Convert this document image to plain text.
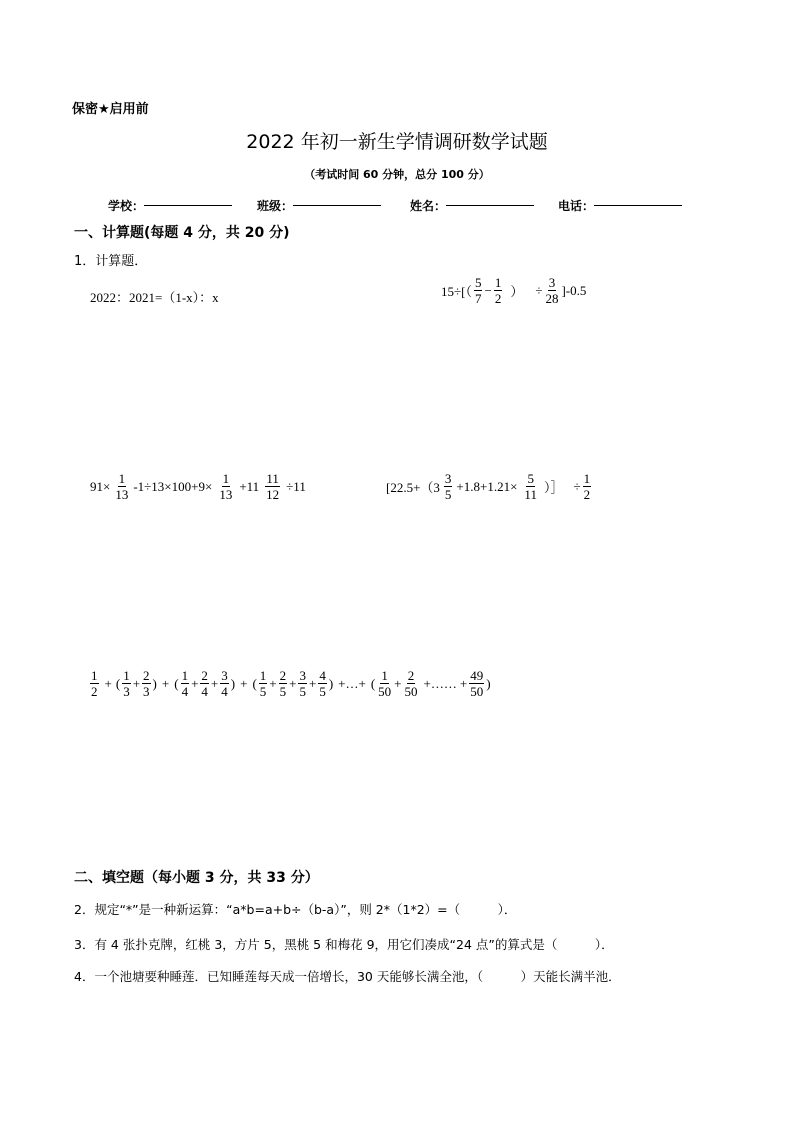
保密★启用前
2022 年初一新生学情调研数学试题
（考试时间 60 分钟，总分 100 分）
学校：	班级：	姓名：	电话：
一、计算题(每题 4 分，共 20 分)
1．计算题．
2022：2021=（1-x）：x	$15\div[( \frac{5}{7} - \frac{1}{2}$ ） ÷ $\frac{3}{28} ]-0.5$
$91\times \frac{1}{13} -1\div 13\times 100+9\times \frac{1}{13} +11 \frac{11}{12} \div 11$	[$22.5+(3 \frac{3}{5} +1.8+1.21\times \frac{5}{11}$ ）］ ÷ $\frac{1}{2}$
$\frac{1}{2}$ + ( $\frac{1}{3} + \frac{2}{3}$ ) + ( $\frac{1}{4} + \frac{2}{4} + \frac{3}{4}$ ) + ( $\frac{1}{5} + \frac{2}{5} + \frac{3}{5} + \frac{4}{5}$ ) +…+ ( $\frac{1}{50} + \frac{2}{50}$ +…… + $\frac{49}{50}$ )
二、填空题（每小题 3 分，共 33 分）
2．规定“*”是一种新运算：“a*b=a+b÷（b-a）”，则 2*（1*2）=（　　　）．
3．有 4 张扑克牌，红桃 3，方片 5，黑桃 5 和梅花 9，用它们凑成“24 点”的算式是（　　　）．
4．一个池塘要种睡莲．已知睡莲每天成一倍增长，30 天能够长满全池，（　　　）天能长满半池．
